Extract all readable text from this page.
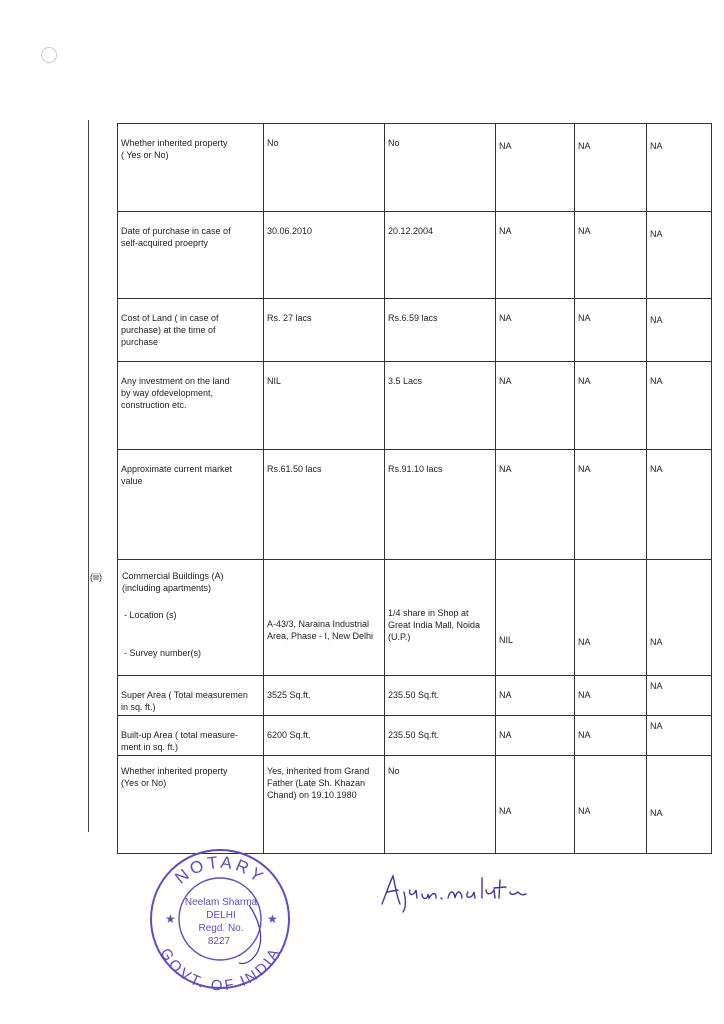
(iii)
Whether inherited property
( Yes or No)	No	No	NA	NA	NA
Date of purchase in case of
self-acquired proeprty	30.06.2010	20.12.2004	NA	NA	NA
Cost of Land ( in case of
purchase) at the time of
purchase	Rs. 27 lacs	Rs.6.59 lacs	NA	NA	NA
Any investment on the land
by way ofdevelopment,
construction etc.	NIL	3.5 Lacs	NA	NA	NA
Approximate current market
value	Rs.61.50 lacs	Rs.91.10 lacs	NA	NA	NA

Commercial Buildings (A)
(including apartments)
- Location (s)
- Survey number(s)	A-43/3, Naraina Industrial
Area, Phase - I, New Delhi	1/4 share in Shop at
Great India Mall, Noida
(U.P.)	NIL	NA	NA
Super Area ( Total measuremen
in sq. ft.)	3525 Sq.ft.	235.50 Sq.ft.	NA	NA	NA
Built-up Area ( total measure-
ment in sq. ft.)	6200 Sq.ft.	235.50 Sq.ft.	NA	NA	NA
Whether inherited property
(Yes or No)	Yes, inherited from Grand
Father (Late Sh. Khazan
Chand) on 19.10.1980	No	NA	NA	NA
NOTARY
GOVT. OF INDIA
★	★
Neelam Sharma
DELHI
Regd. No.
8227
Ajay K. Malhotra
